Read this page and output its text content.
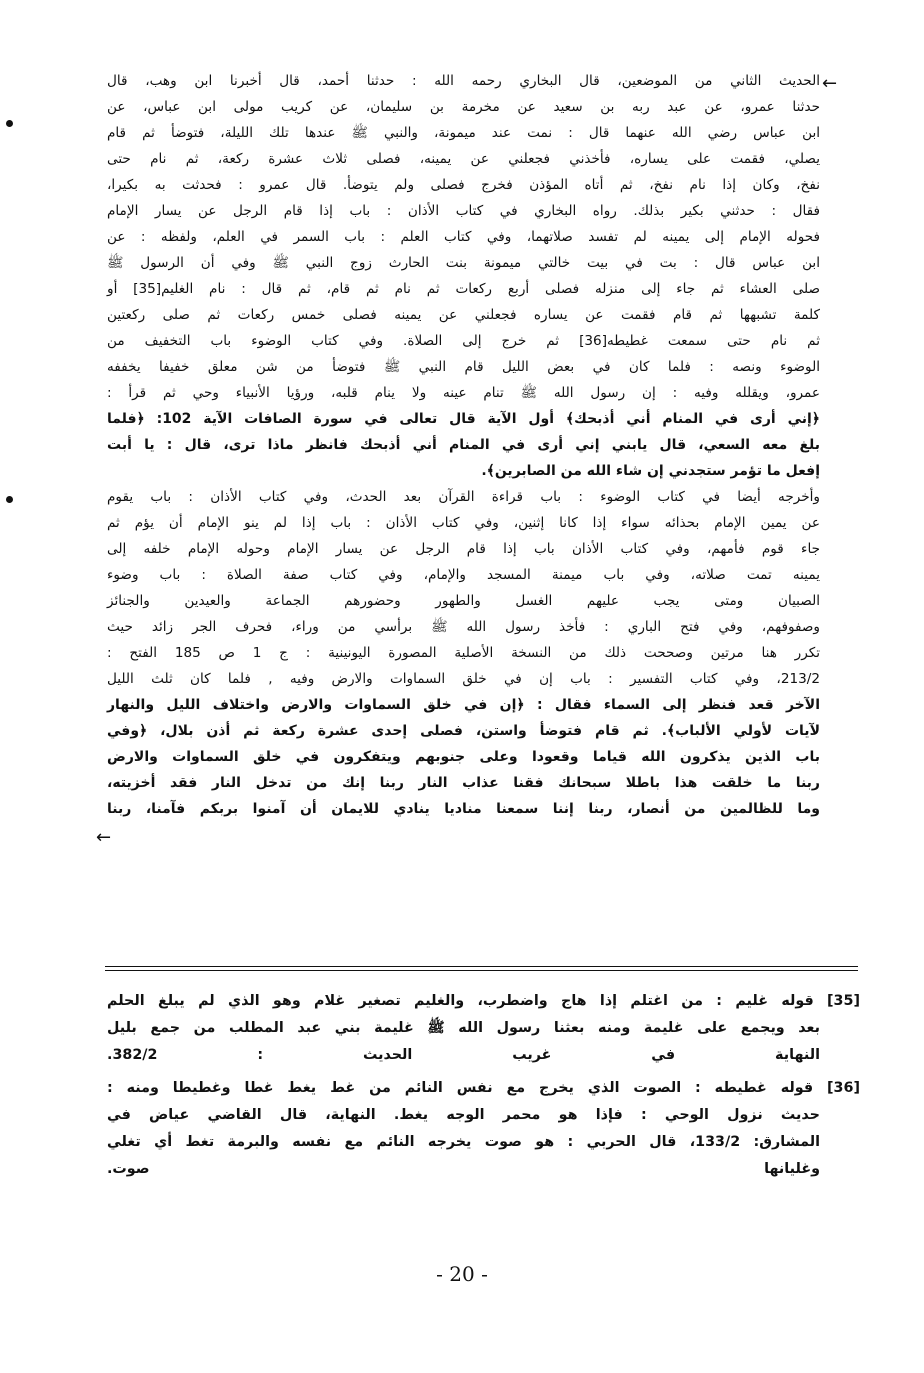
←
الحديث الثاني من الموضعين، قال البخاري رحمه الله : حدثنا أحمد، قال أخبرنا ابن وهب، قال
حدثنا عمرو، عن عبد ربه بن سعيد عن مخرمة بن سليمان، عن كريب مولى ابن عباس، عن
ابن عباس رضي الله عنهما قال : نمت عند ميمونة، والنبي ﷺ عندها تلك الليلة، فتوضأ ثم قام
يصلي، فقمت على يساره، فأخذني فجعلني عن يمينه، فصلى ثلاث عشرة ركعة، ثم نام حتى
نفخ، وكان إذا نام نفخ، ثم أتاه المؤذن فخرج فصلى ولم يتوضأ. قال عمرو : فحدثت به بكيرا،
فقال : حدثني بكير بذلك. رواه البخاري في كتاب الأذان : باب إذا قام الرجل عن يسار الإمام
فحوله الإمام إلى يمينه لم تفسد صلاتهما، وفي كتاب العلم : باب السمر في العلم، ولفظه : عن
ابن عباس قال : بت في بيت خالتي ميمونة بنت الحارث زوج النبي ﷺ وفي أن الرسول ﷺ
صلى العشاء ثم جاء إلى منزله فصلى أربع ركعات ثم نام ثم قام، ثم قال : نام الغليم[35] أو
كلمة تشبهها ثم قام فقمت عن يساره فجعلني عن يمينه فصلى خمس ركعات ثم صلى ركعتين
ثم نام حتى سمعت غطيطه[36] ثم خرج إلى الصلاة. وفي كتاب الوضوء باب التخفيف من
الوضوء ونصه : فلما كان في بعض الليل قام النبي ﷺ فتوضأ من شن معلق خفيفا يخففه
عمرو، ويقلله وفيه : إن رسول الله ﷺ تنام عينه ولا ينام قلبه، ورؤيا الأنبياء وحي ثم قرأ :
﴿إني أرى في المنام أني أذبحك﴾ أول الآية قال تعالى في سورة الصافات الآية 102: ﴿فلما
بلغ معه السعي، قال يابني إني أرى في المنام أني أذبحك فانظر ماذا ترى، قال : يا أبت
إفعل ما تؤمر ستجدني إن شاء الله من الصابرين﴾.
وأخرجه أيضا في كتاب الوضوء : باب قراءة القرآن بعد الحدث، وفي كتاب الأذان : باب يقوم
عن يمين الإمام بحذائه سواء إذا كانا إثنين، وفي كتاب الأذان : باب إذا لم ينو الإمام أن يؤم ثم
جاء قوم فأمهم، وفي كتاب الأذان باب إذا قام الرجل عن يسار الإمام وحوله الإمام خلفه إلى
يمينه تمت صلاته، وفي باب ميمنة المسجد والإمام، وفي كتاب صفة الصلاة : باب وضوء
الصبيان ومتى يجب عليهم الغسل والطهور وحضورهم الجماعة والعيدين والجنائز
وصفوفهم، وفي فتح الباري : فأخذ رسول الله ﷺ برأسي من وراء، فحرف الجر زائد حيث
تكرر هنا مرتين وصححت ذلك من النسخة الأصلية المصورة اليونينية : ج 1 ص 185 الفتح :
213/2، وفي كتاب التفسير : باب إن في خلق السماوات والارض وفيه , فلما كان ثلث الليل
الآخر قعد فنظر إلى السماء فقال : ﴿إن في خلق السماوات والارض واختلاف الليل والنهار
لآيات لأولي الألباب﴾. ثم قام فتوضأ واستن، فصلى إحدى عشرة ركعة ثم أذن بلال، ﴿وفي
باب الذين يذكرون الله قياما وقعودا وعلى جنوبهم ويتفكرون في خلق السماوات والارض
ربنا ما خلقت هذا باطلا سبحانك فقنا عذاب النار ربنا إنك من تدخل النار فقد أخزيته،
وما للظالمين من أنصار، ربنا إننا سمعنا مناديا ينادي للايمان أن آمنوا بربكم فآمنا، ربنا
←
[35] قوله غليم : من اغتلم إذا هاج واضطرب، والغليم تصغير غلام وهو الذي لم يبلغ الحلم
بعد ويجمع على غليمة ومنه بعثنا رسول الله ﷺ غليمة بني عبد المطلب من جمع بليل
النهاية في غريب الحديث : 382/2.
[36] قوله غطيطه : الصوت الذي يخرج مع نفس النائم من غط يغط غطا وغطيطا ومنه :
حديث نزول الوحي : فإذا هو محمر الوجه يغط. النهاية، قال القاضي عياض في
المشارق: 133/2، قال الحربي : هو صوت يخرجه النائم مع نفسه والبرمة تغط أي تغلي
وغليانها صوت.
- 20 -
